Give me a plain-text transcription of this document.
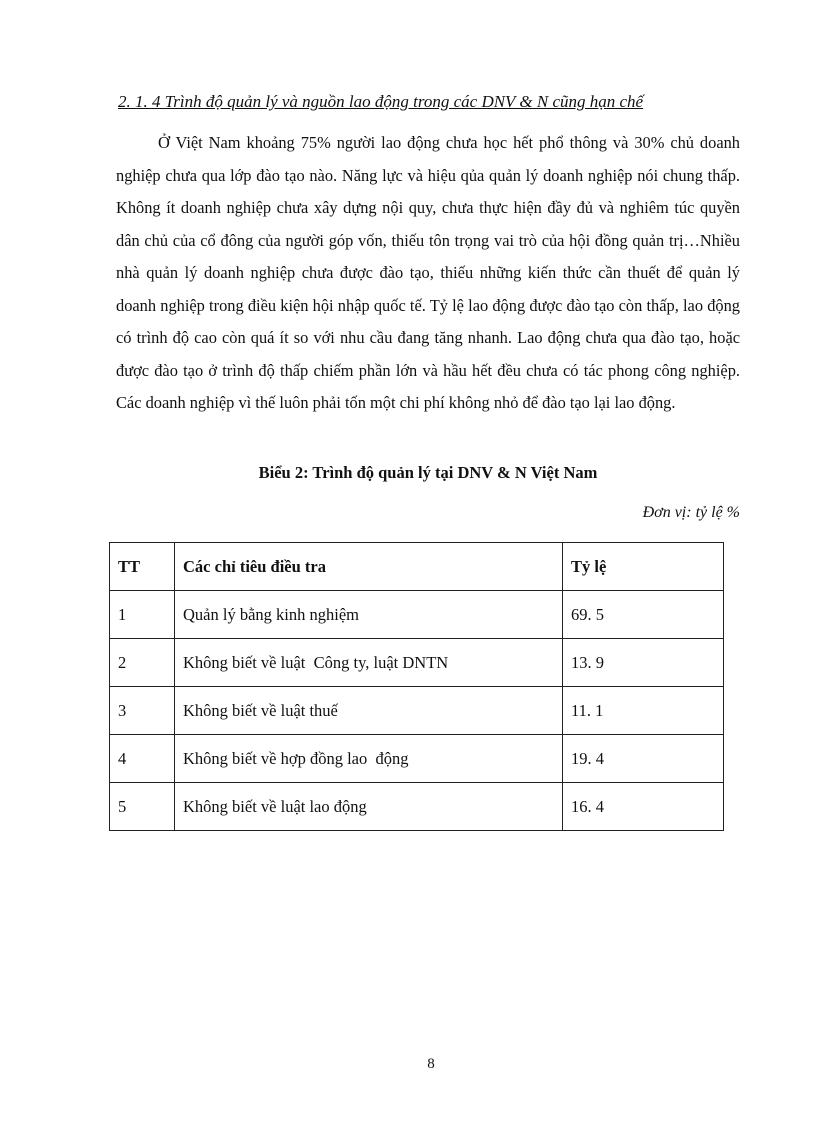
2. 1. 4 Trình độ quản lý và nguồn lao động trong các DNV & N cũng hạn chế

Ở Việt Nam khoảng 75% người lao động chưa học hết phổ thông và 30% chủ doanh nghiệp chưa qua lớp đào tạo nào. Năng lực và hiệu qủa quản lý doanh nghiệp nói chung thấp. Không ít doanh nghiệp chưa xây dựng nội quy, chưa thực hiện đầy đủ và nghiêm túc quyền dân chủ của cổ đông của người góp vốn, thiếu tôn trọng vai trò của hội đồng quản trị…Nhiều nhà quản lý doanh nghiệp chưa được đào tạo, thiếu những kiến thức cần thuết để quản lý doanh nghiệp trong điều kiện hội nhập quốc tế. Tỷ lệ lao động được đào tạo còn thấp, lao động có trình độ cao còn quá ít so với nhu cầu đang tăng nhanh. Lao động chưa qua đào tạo, hoặc được đào tạo ở trình độ thấp chiếm phần lớn và hầu hết đều chưa có tác phong công nghiệp. Các doanh nghiệp vì thế luôn phải tốn một chi phí không nhỏ để đào tạo lại lao động.

Biểu 2: Trình độ quản lý tại DNV & N Việt Nam
Đơn vị: tỷ lệ %
TT	Các chỉ tiêu điều tra	Tỷ lệ
1	Quản lý bằng kinh nghiệm	69. 5
2	Không biết về luật  Công ty, luật DNTN	13. 9
3	Không biết về luật thuế	11. 1
4	Không biết về hợp đồng lao  động	19. 4
5	Không biết về luật lao động	16. 4
8
